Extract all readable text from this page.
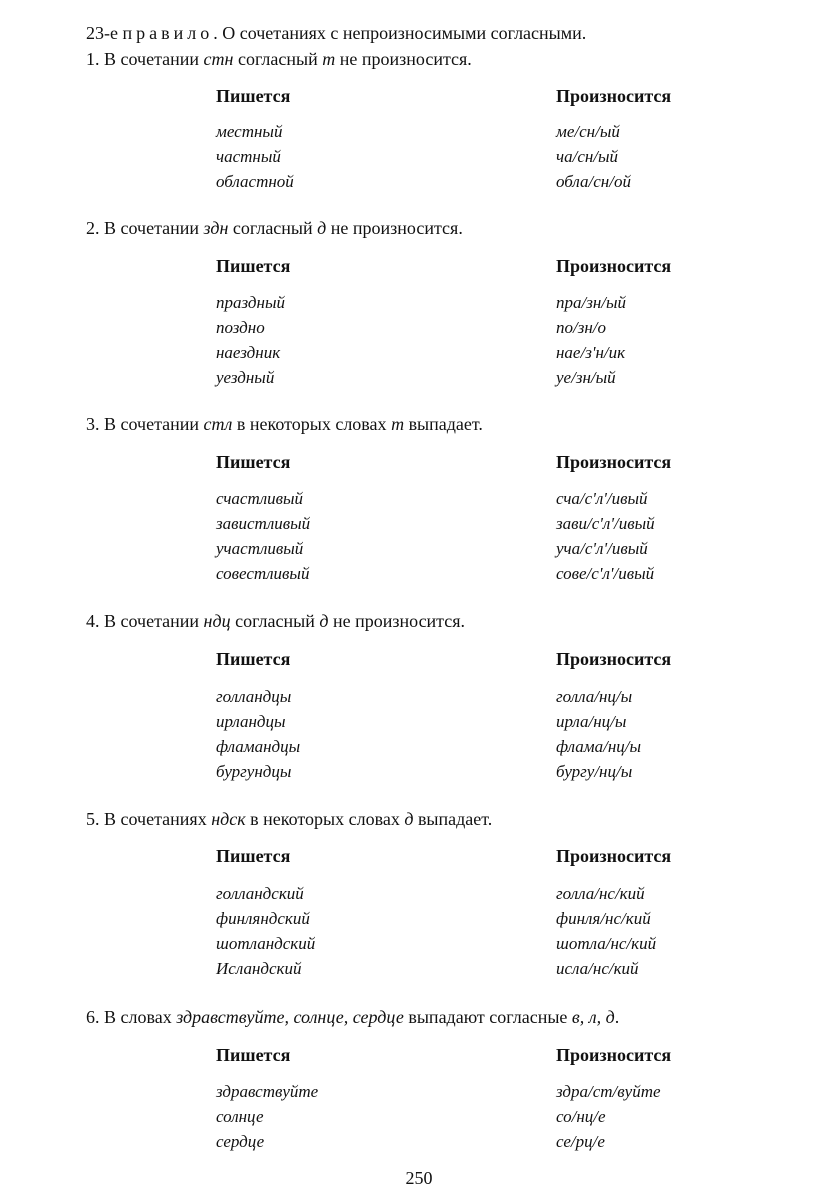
23-е правило. О сочетаниях с непроизносимыми согласными.
1. В сочетании стн согласный т не произносится.
Пишется	Произносится
местный	ме/сн/ый
частный	ча/сн/ый
областной	обла/сн/ой
2. В сочетании здн согласный д не произносится.
Пишется	Произносится
праздный	пра/зн/ый
поздно	по/зн/о
наездник	нае/з'н/ик
уездный	уе/зн/ый
3. В сочетании стл в некоторых словах т выпадает.
Пишется	Произносится
счастливый	сча/с'л'/ивый
завистливый	зави/с'л'/ивый
участливый	уча/с'л'/ивый
совестливый	сове/с'л'/ивый
4. В сочетании ндц согласный д не произносится.
Пишется	Произносится
голландцы	голла/нц/ы
ирландцы	ирла/нц/ы
фламандцы	флама/нц/ы
бургундцы	бургу/нц/ы
5. В сочетаниях ндск в некоторых словах д выпадает.
Пишется	Произносится
голландский	голла/нс/кий
финляндский	финля/нс/кий
шотландский	шотла/нс/кий
Исландский	исла/нс/кий
6. В словах здравствуйте, солнце, сердце выпадают согласные в, л, д.
Пишется	Произносится
здравствуйте	здра/ст/вуйте
солнце	со/нц/е
сердце	се/рц/е
250
